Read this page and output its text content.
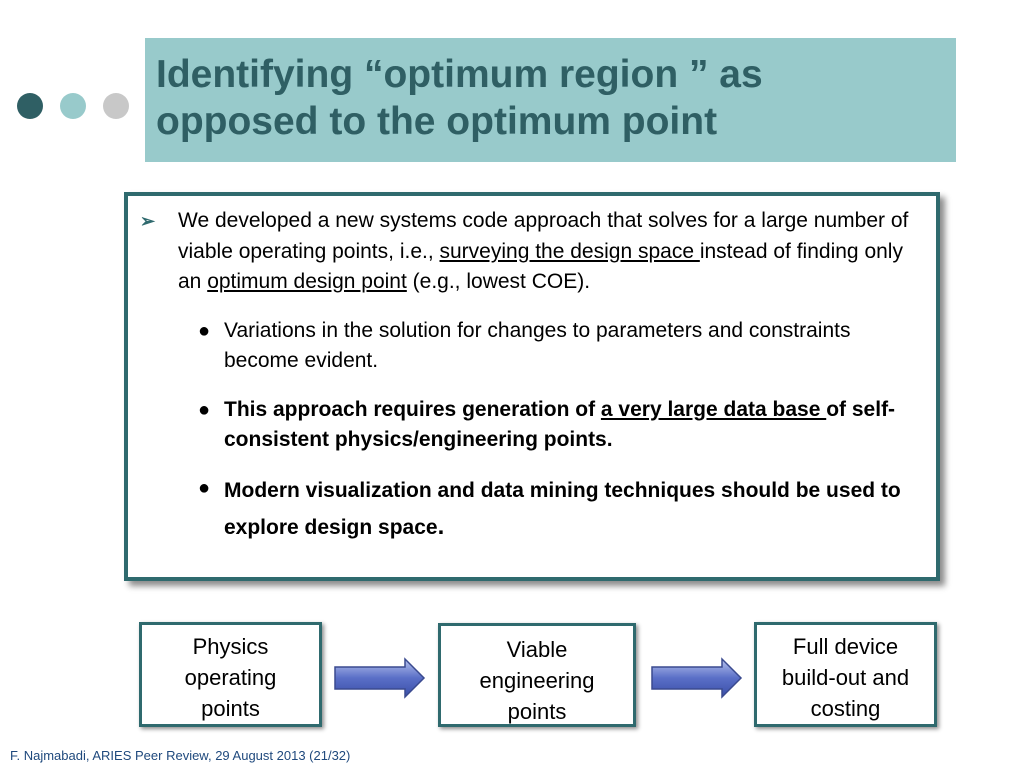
Identifying “optimum region ” as
opposed to the optimum point
➢ We developed a new systems code approach that solves for a large number of viable operating points, i.e., surveying the design space instead of finding only an optimum design point (e.g., lowest COE).
● Variations in the solution for changes to parameters and constraints become evident.
● This approach requires generation of a very large data base of self-consistent physics/engineering points.
● Modern visualization and data mining techniques should be used to explore design space.
Physics
operating
points
Viable
engineering
points
Full device
build-out and
costing
F. Najmabadi, ARIES Peer Review, 29 August 2013 (21/32)
